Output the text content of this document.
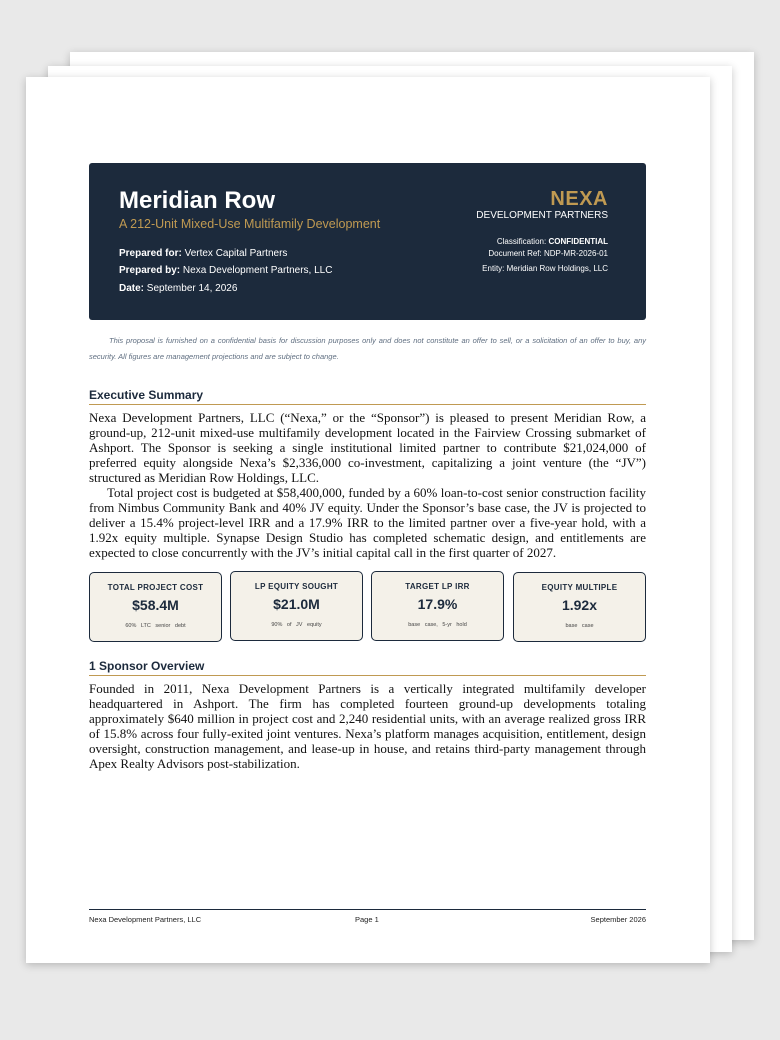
Meridian Row
A 212-Unit Mixed-Use Multifamily Development
Prepared for: Vertex Capital Partners
Prepared by: Nexa Development Partners, LLC
Date: September 14, 2026
NEXA
DEVELOPMENT PARTNERS
Classification: CONFIDENTIAL
Document Ref: NDP-MR-2026-01
Entity: Meridian Row Holdings, LLC
This proposal is furnished on a confidential basis for discussion purposes only and does not constitute an offer to sell, or a solicitation of an offer to buy, any security. All figures are management projections and are subject to change.
Executive Summary

Nexa Development Partners, LLC (“Nexa,” or the “Sponsor”) is pleased to present Meridian Row, a ground-up, 212-unit mixed-use multifamily development located in the Fairview Crossing submarket of Ashport. The Sponsor is seeking a single institutional limited partner to contribute $21,024,000 of preferred equity alongside Nexa’s $2,336,000 co-investment, capitalizing a joint venture (the “JV”) structured as Meridian Row Holdings, LLC.

Total project cost is budgeted at $58,400,000, funded by a 60% loan-to-cost senior construction facility from Nimbus Community Bank and 40% JV equity. Under the Sponsor’s base case, the JV is projected to deliver a 15.4% project-level IRR and a 17.9% IRR to the limited partner over a five-year hold, with a 1.92x equity multiple. Synapse Design Studio has completed schematic design, and entitlements are expected to close concurrently with the JV’s initial capital call in the first quarter of 2027.

TOTAL PROJECT COST
$58.4M
60% LTC senior debt
LP EQUITY SOUGHT
$21.0M
90% of JV equity
TARGET LP IRR
17.9%
base case, 5-yr hold
EQUITY MULTIPLE
1.92x
base case
1 Sponsor Overview

Founded in 2011, Nexa Development Partners is a vertically integrated multifamily developer headquartered in Ashport. The firm has completed fourteen ground-up developments totaling approximately $640 million in project cost and 2,240 residential units, with an average realized gross IRR of 15.8% across four fully-exited joint ventures. Nexa’s platform manages acquisition, entitlement, design oversight, construction management, and lease-up in house, and retains third-party management through Apex Realty Advisors post-stabilization.

Nexa Development Partners, LLC	Page 1	September 2026
